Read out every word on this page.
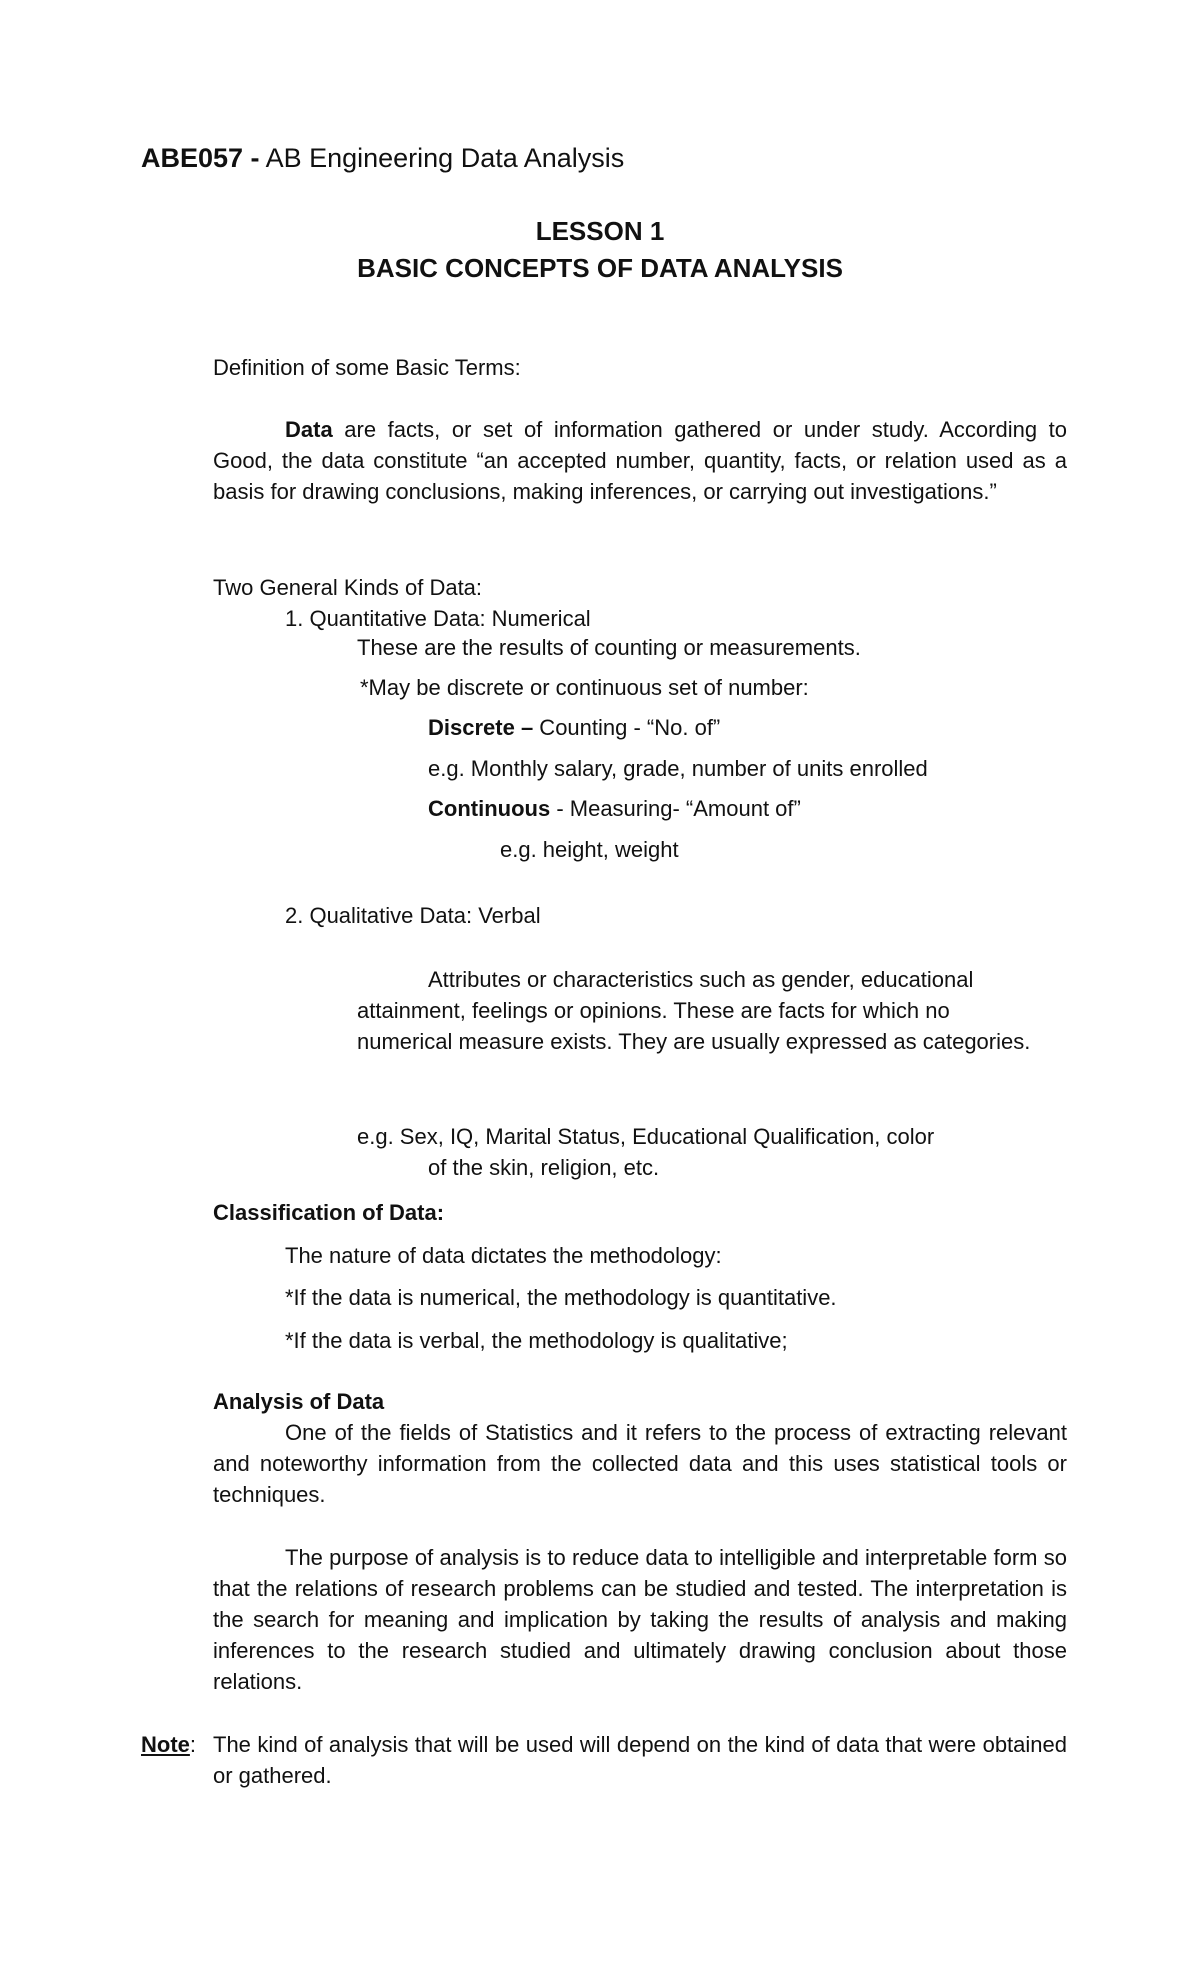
ABE057 - AB Engineering Data Analysis
LESSON 1
BASIC CONCEPTS OF DATA ANALYSIS

Definition of some Basic Terms:

Data are facts, or set of information gathered or under study. According to Good, the data constitute “an accepted number, quantity, facts, or relation used as a basis for drawing conclusions, making inferences, or carrying out investigations.”

Two General Kinds of Data:

1. Quantitative Data: Numerical

These are the results of counting or measurements.

*May be discrete or continuous set of number:

Discrete – Counting - “No. of”

e.g. Monthly salary, grade, number of units enrolled

Continuous - Measuring- “Amount of”

e.g. height, weight

2. Qualitative Data: Verbal

Attributes or characteristics such as gender, educational

attainment, feelings or opinions. These are facts for which no numerical measure exists. They are usually expressed as categories.

e.g. Sex, IQ, Marital Status, Educational Qualification, color

of the skin, religion, etc.

Classification of Data:

The nature of data dictates the methodology:

*If the data is numerical, the methodology is quantitative.

*If the data is verbal, the methodology is qualitative;

Analysis of Data

One of the fields of Statistics and it refers to the process of extracting relevant and noteworthy information from the collected data and this uses statistical tools or techniques.

The purpose of analysis is to reduce data to intelligible and interpretable form so that the relations of research problems can be studied and tested. The interpretation is the search for meaning and implication by taking the results of analysis and making inferences to the research studied and ultimately drawing conclusion about those relations.

Note: The kind of analysis that will be used will depend on the kind of data that were obtained or gathered.
